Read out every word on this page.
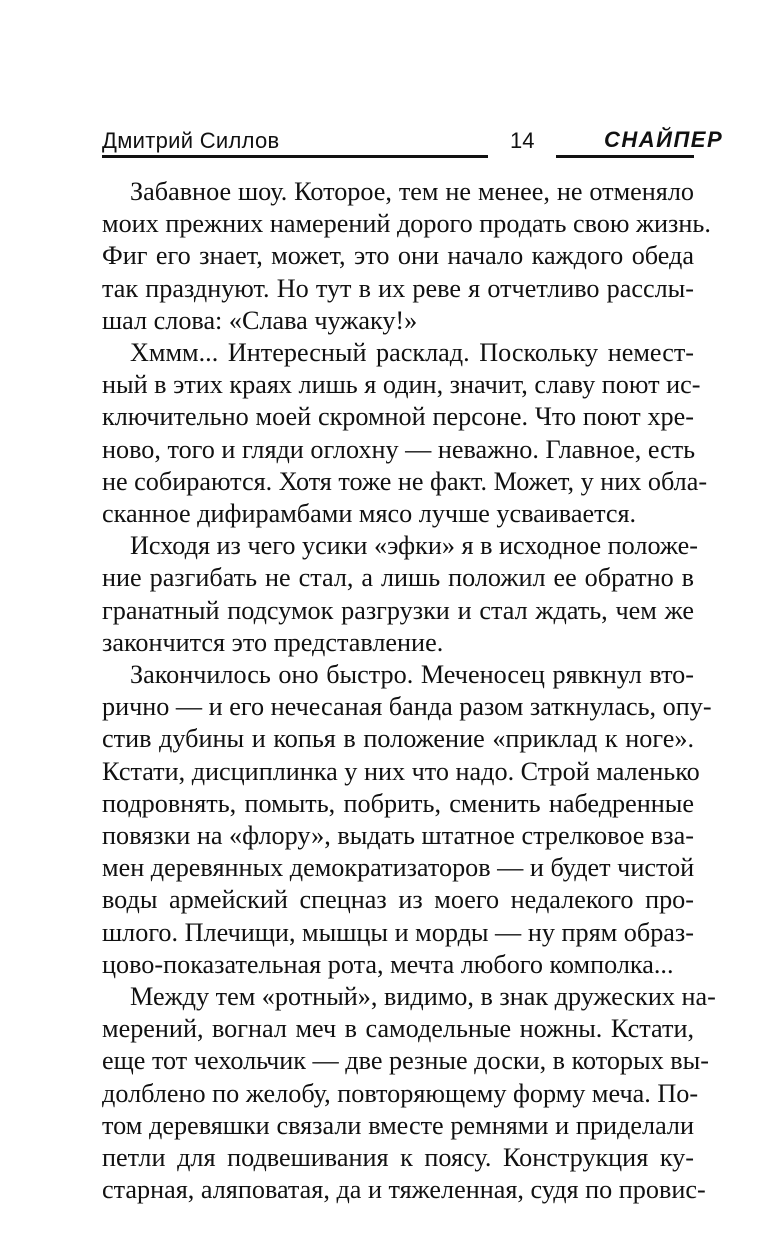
Дмитрий Силлов	14	СНАЙПЕР
Забавное шоу. Которое, тем не менее, не отменяло
моих прежних намерений дорого продать свою жизнь.
Фиг его знает, может, это они начало каждого обеда
так празднуют. Но тут в их реве я отчетливо расслы-
шал слова: «Слава чужаку!»
Хммм... Интересный расклад. Поскольку немест-
ный в этих краях лишь я один, значит, славу поют ис-
ключительно моей скромной персоне. Что поют хре-
ново, того и гляди оглохну — неважно. Главное, есть
не собираются. Хотя тоже не факт. Может, у них обла-
сканное дифирамбами мясо лучше усваивается.
Исходя из чего усики «эфки» я в исходное положе-
ние разгибать не стал, а лишь положил ее обратно в
гранатный подсумок разгрузки и стал ждать, чем же
закончится это представление.
Закончилось оно быстро. Меченосец рявкнул вто-
рично — и его нечесаная банда разом заткнулась, опу-
стив дубины и копья в положение «приклад к ноге».
Кстати, дисциплинка у них что надо. Строй маленько
подровнять, помыть, побрить, сменить набедренные
повязки на «флору», выдать штатное стрелковое вза-
мен деревянных демократизаторов — и будет чистой
воды армейский спецназ из моего недалекого про-
шлого. Плечищи, мышцы и морды — ну прям образ-
цово-показательная рота, мечта любого комполка...
Между тем «ротный», видимо, в знак дружеских на-
мерений, вогнал меч в самодельные ножны. Кстати,
еще тот чехольчик — две резные доски, в которых вы-
долблено по желобу, повторяющему форму меча. По-
том деревяшки связали вместе ремнями и приделали
петли для подвешивания к поясу. Конструкция ку-
старная, аляповатая, да и тяжеленная, судя по провис-
